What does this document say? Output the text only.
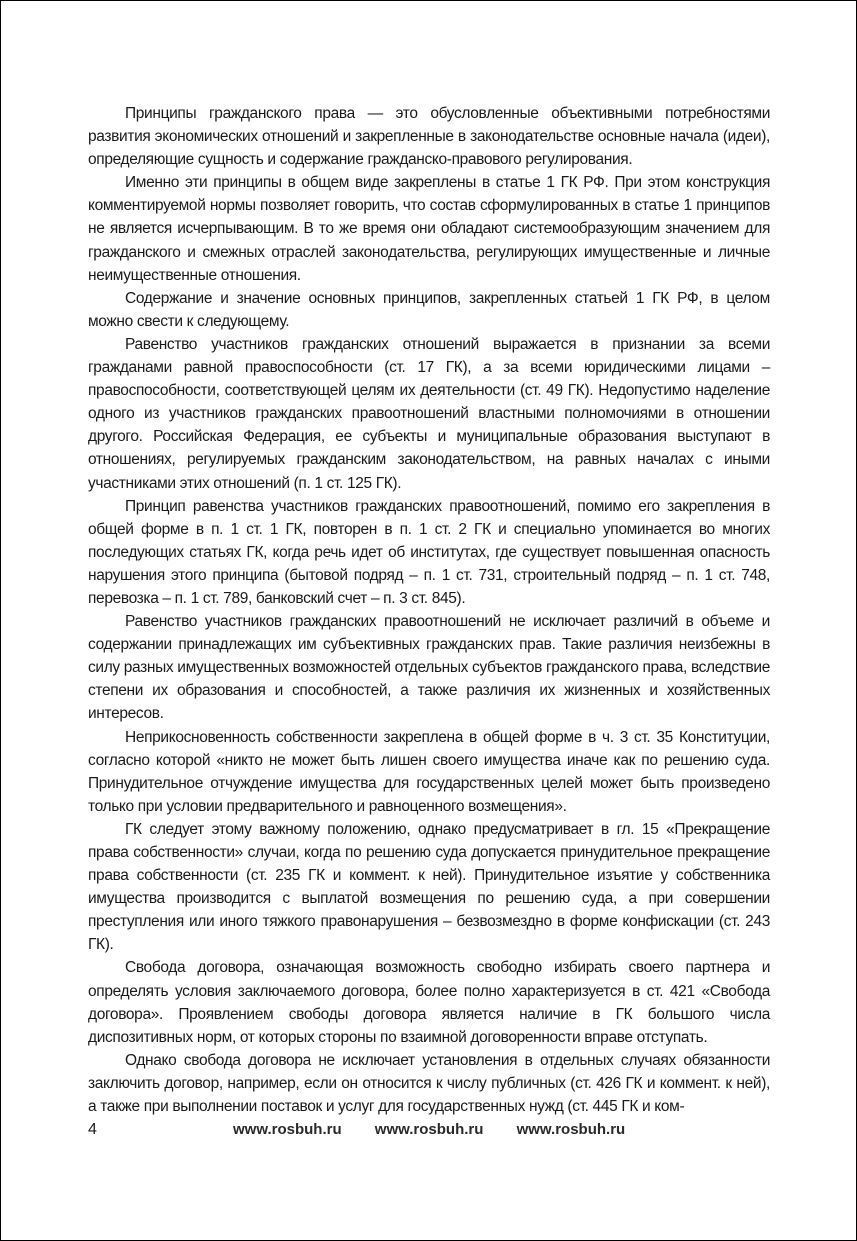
Принципы гражданского права — это обусловленные объективными потребностями развития экономических отношений и закрепленные в законодательстве основные начала (идеи), определяющие сущность и содержание гражданско-правового регулирования.

Именно эти принципы в общем виде закреплены в статье 1 ГК РФ. При этом конструкция комментируемой нормы позволяет говорить, что состав сформулированных в статье 1 принципов не является исчерпывающим. В то же время они обладают системообразующим значением для гражданского и смежных отраслей законодательства, регулирующих имущественные и личные неимущественные отношения.

Содержание и значение основных принципов, закрепленных статьей 1 ГК РФ, в целом можно свести к следующему.

Равенство участников гражданских отношений выражается в признании за всеми гражданами равной правоспособности (ст. 17 ГК), а за всеми юридическими лицами – правоспособности, соответствующей целям их деятельности (ст. 49 ГК). Недопустимо наделение одного из участников гражданских правоотношений властными полномочиями в отношении другого. Российская Федерация, ее субъекты и муниципальные образования выступают в отношениях, регулируемых гражданским законодательством, на равных началах с иными участниками этих отношений (п. 1 ст. 125 ГК).

Принцип равенства участников гражданских правоотношений, помимо его закрепления в общей форме в п. 1 ст. 1 ГК, повторен в п. 1 ст. 2 ГК и специально упоминается во многих последующих статьях ГК, когда речь идет об институтах, где существует повышенная опасность нарушения этого принципа (бытовой подряд – п. 1 ст. 731, строительный подряд – п. 1 ст. 748, перевозка – п. 1 ст. 789, банковский счет – п. 3 ст. 845).

Равенство участников гражданских правоотношений не исключает различий в объеме и содержании принадлежащих им субъективных гражданских прав. Такие различия неизбежны в силу разных имущественных возможностей отдельных субъектов гражданского права, вследствие степени их образования и способностей, а также различия их жизненных и хозяйственных интересов.

Неприкосновенность собственности закреплена в общей форме в ч. 3 ст. 35 Конституции, согласно которой «никто не может быть лишен своего имущества иначе как по решению суда. Принудительное отчуждение имущества для государственных целей может быть произведено только при условии предварительного и равноценного возмещения».

ГК следует этому важному положению, однако предусматривает в гл. 15 «Прекращение права собственности» случаи, когда по решению суда допускается принудительное прекращение права собственности (ст. 235 ГК и коммент. к ней). Принудительное изъятие у собственника имущества производится с выплатой возмещения по решению суда, а при совершении преступления или иного тяжкого правонарушения – безвозмездно в форме конфискации (ст. 243 ГК).

Свобода договора, означающая возможность свободно избирать своего партнера и определять условия заключаемого договора, более полно характеризуется в ст. 421 «Свобода договора». Проявлением свободы договора является наличие в ГК большого числа диспозитивных норм, от которых стороны по взаимной договоренности вправе отступать.

Однако свобода договора не исключает установления в отдельных случаях обязанности заключить договор, например, если он относится к числу публичных (ст. 426 ГК и коммент. к ней), а также при выполнении поставок и услуг для государственных нужд (ст. 445 ГК и ком-

4	www.rosbuh.ru www.rosbuh.ru www.rosbuh.ru
